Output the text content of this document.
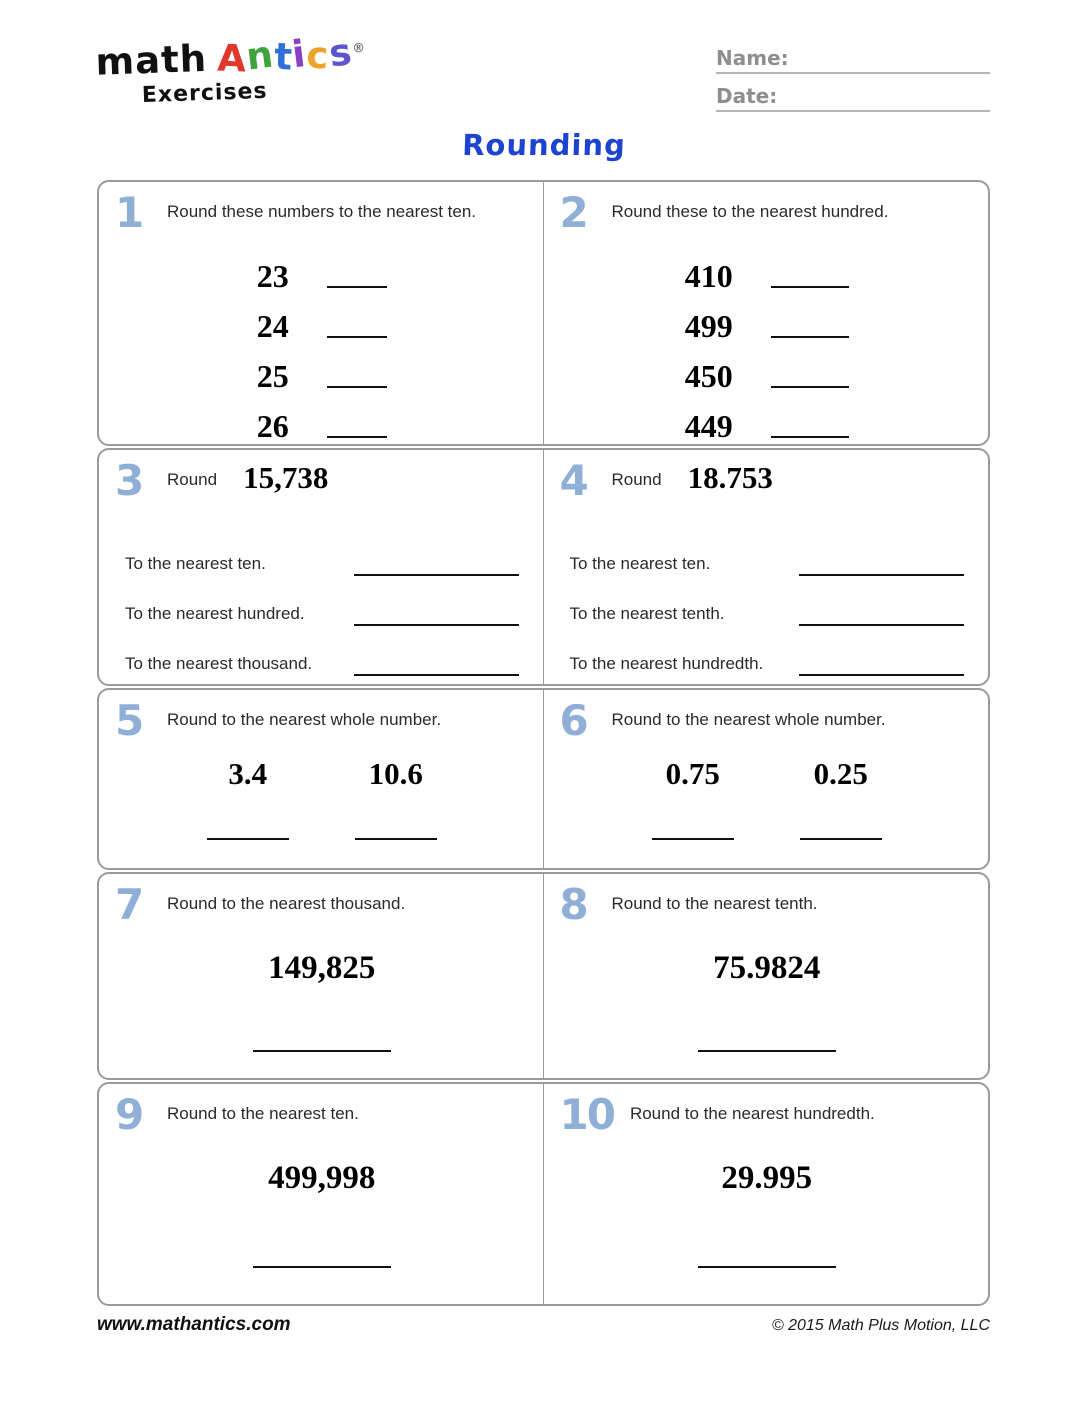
math Antics®
Exercises
Name:
Date:
Rounding
1	Round these numbers to the nearest ten.
23
24
25
26
2	Round these to the nearest hundred.
410
499
450
449
3	Round 15,738
To the nearest ten.
To the nearest hundred.
To the nearest thousand.
4	Round 18.753
To the nearest ten.
To the nearest tenth.
To the nearest hundredth.
5	Round to the nearest whole number.
3.4	10.6
6	Round to the nearest whole number.
0.75	0.25
7	Round to the nearest thousand.
149,825
8	Round to the nearest tenth.
75.9824
9	Round to the nearest ten.
499,998
10 Round to the nearest hundredth.
29.995
www.mathantics.com	© 2015 Math Plus Motion, LLC
